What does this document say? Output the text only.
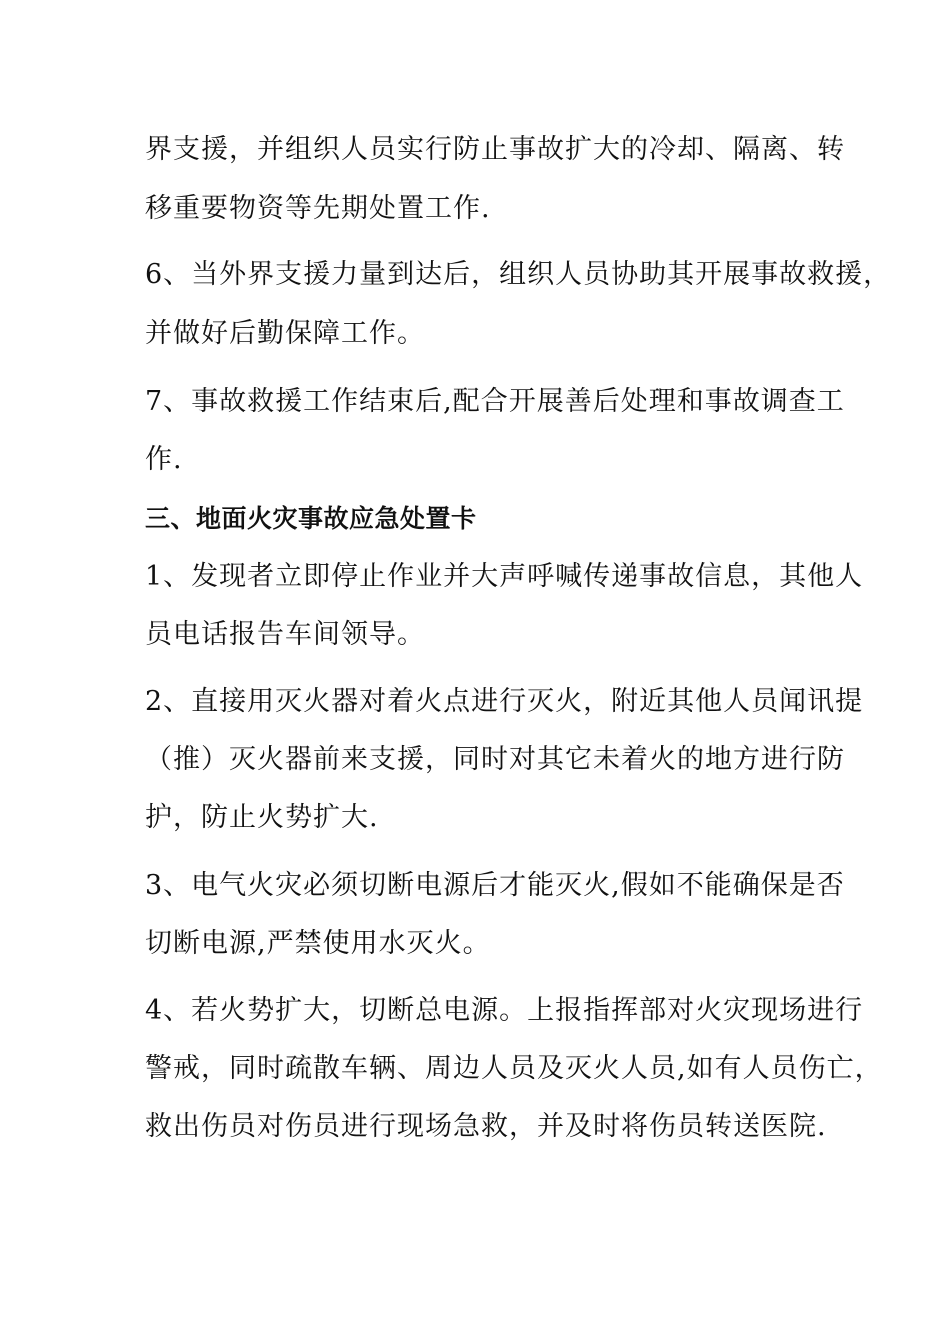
界支援，并组织人员实行防止事故扩大的冷却、隔离、转
移重要物资等先期处置工作.
6、当外界支援力量到达后，组织人员协助其开展事故救援，
并做好后勤保障工作。
7、事故救援工作结束后,配合开展善后处理和事故调查工
作.
三、地面火灾事故应急处置卡
1、发现者立即停止作业并大声呼喊传递事故信息，其他人
员电话报告车间领导。
2、直接用灭火器对着火点进行灭火，附近其他人员闻讯提
（推）灭火器前来支援，同时对其它未着火的地方进行防
护，防止火势扩大.
3、电气火灾必须切断电源后才能灭火,假如不能确保是否
切断电源,严禁使用水灭火。
4、若火势扩大，切断总电源。上报指挥部对火灾现场进行
警戒，同时疏散车辆、周边人员及灭火人员,如有人员伤亡，
救出伤员对伤员进行现场急救，并及时将伤员转送医院.
